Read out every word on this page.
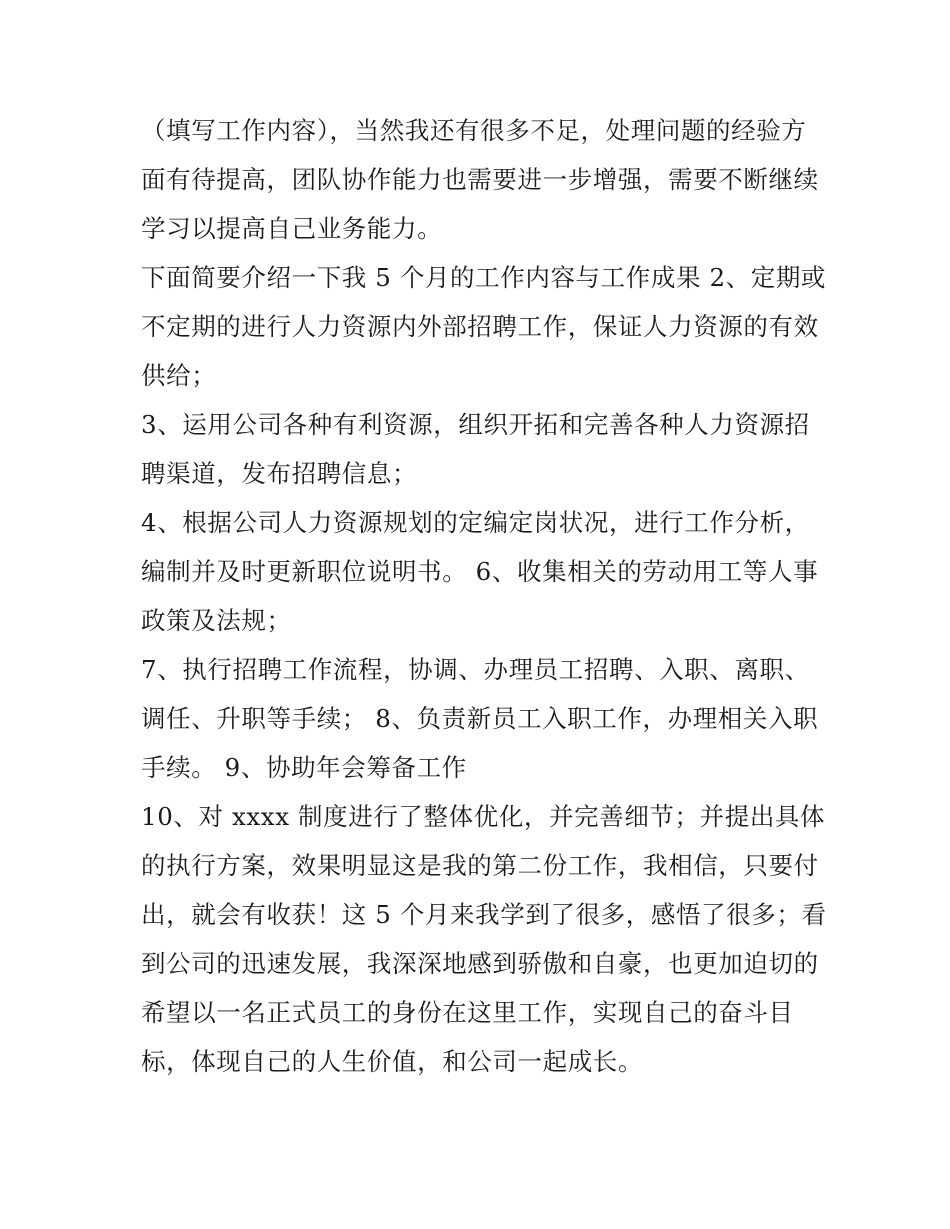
（填写工作内容），当然我还有很多不足，处理问题的经验方
面有待提高，团队协作能力也需要进一步增强，需要不断继续
学习以提高自己业务能力。
下面简要介绍一下我 5 个月的工作内容与工作成果 2、定期或
不定期的进行人力资源内外部招聘工作，保证人力资源的有效
供给；
3、运用公司各种有利资源，组织开拓和完善各种人力资源招
聘渠道，发布招聘信息；
4、根据公司人力资源规划的定编定岗状况，进行工作分析，
编制并及时更新职位说明书。 6、收集相关的劳动用工等人事
政策及法规；
7、执行招聘工作流程，协调、办理员工招聘、入职、离职、
调任、升职等手续； 8、负责新员工入职工作，办理相关入职
手续。 9、协助年会筹备工作
10、对 xxxx 制度进行了整体优化，并完善细节；并提出具体
的执行方案，效果明显这是我的第二份工作，我相信，只要付
出，就会有收获！这 5 个月来我学到了很多，感悟了很多；看
到公司的迅速发展，我深深地感到骄傲和自豪，也更加迫切的
希望以一名正式员工的身份在这里工作，实现自己的奋斗目
标，体现自己的人生价值，和公司一起成长。
